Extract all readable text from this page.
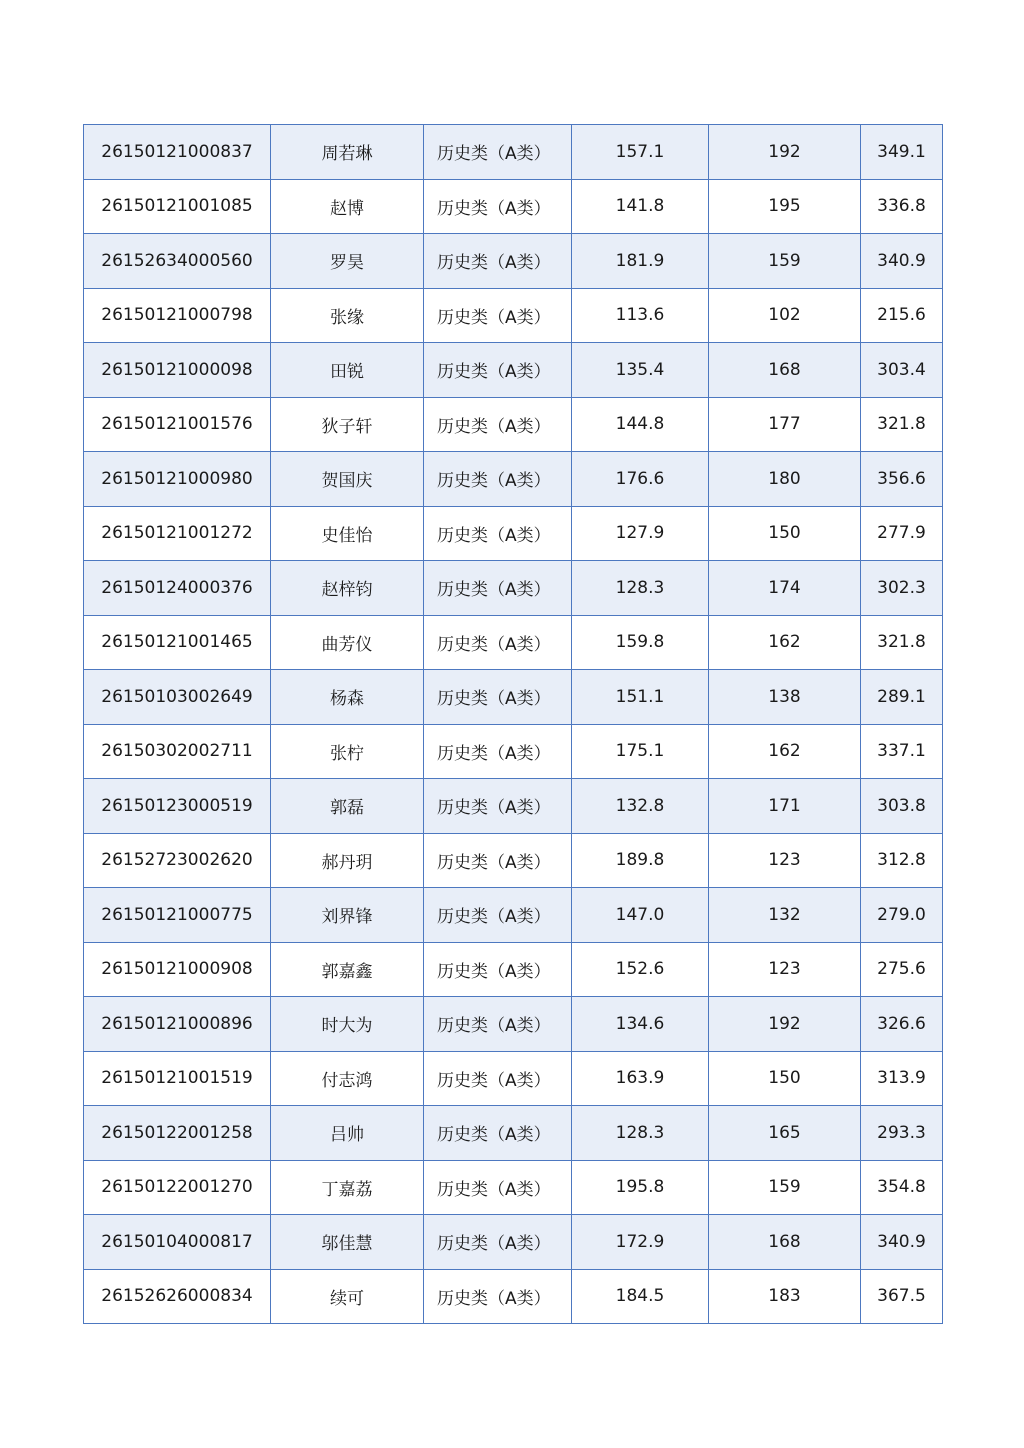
26150121000837	周若琳	历史类（A类）	157.1	192	349.1
26150121001085	赵博	历史类（A类）	141.8	195	336.8
26152634000560	罗昊	历史类（A类）	181.9	159	340.9
26150121000798	张缘	历史类（A类）	113.6	102	215.6
26150121000098	田锐	历史类（A类）	135.4	168	303.4
26150121001576	狄子轩	历史类（A类）	144.8	177	321.8
26150121000980	贺国庆	历史类（A类）	176.6	180	356.6
26150121001272	史佳怡	历史类（A类）	127.9	150	277.9
26150124000376	赵梓钧	历史类（A类）	128.3	174	302.3
26150121001465	曲芳仪	历史类（A类）	159.8	162	321.8
26150103002649	杨森	历史类（A类）	151.1	138	289.1
26150302002711	张柠	历史类（A类）	175.1	162	337.1
26150123000519	郭磊	历史类（A类）	132.8	171	303.8
26152723002620	郝丹玥	历史类（A类）	189.8	123	312.8
26150121000775	刘界锋	历史类（A类）	147.0	132	279.0
26150121000908	郭嘉鑫	历史类（A类）	152.6	123	275.6
26150121000896	时大为	历史类（A类）	134.6	192	326.6
26150121001519	付志鸿	历史类（A类）	163.9	150	313.9
26150122001258	吕帅	历史类（A类）	128.3	165	293.3
26150122001270	丁嘉荔	历史类（A类）	195.8	159	354.8
26150104000817	邬佳慧	历史类（A类）	172.9	168	340.9
26152626000834	续可	历史类（A类）	184.5	183	367.5
